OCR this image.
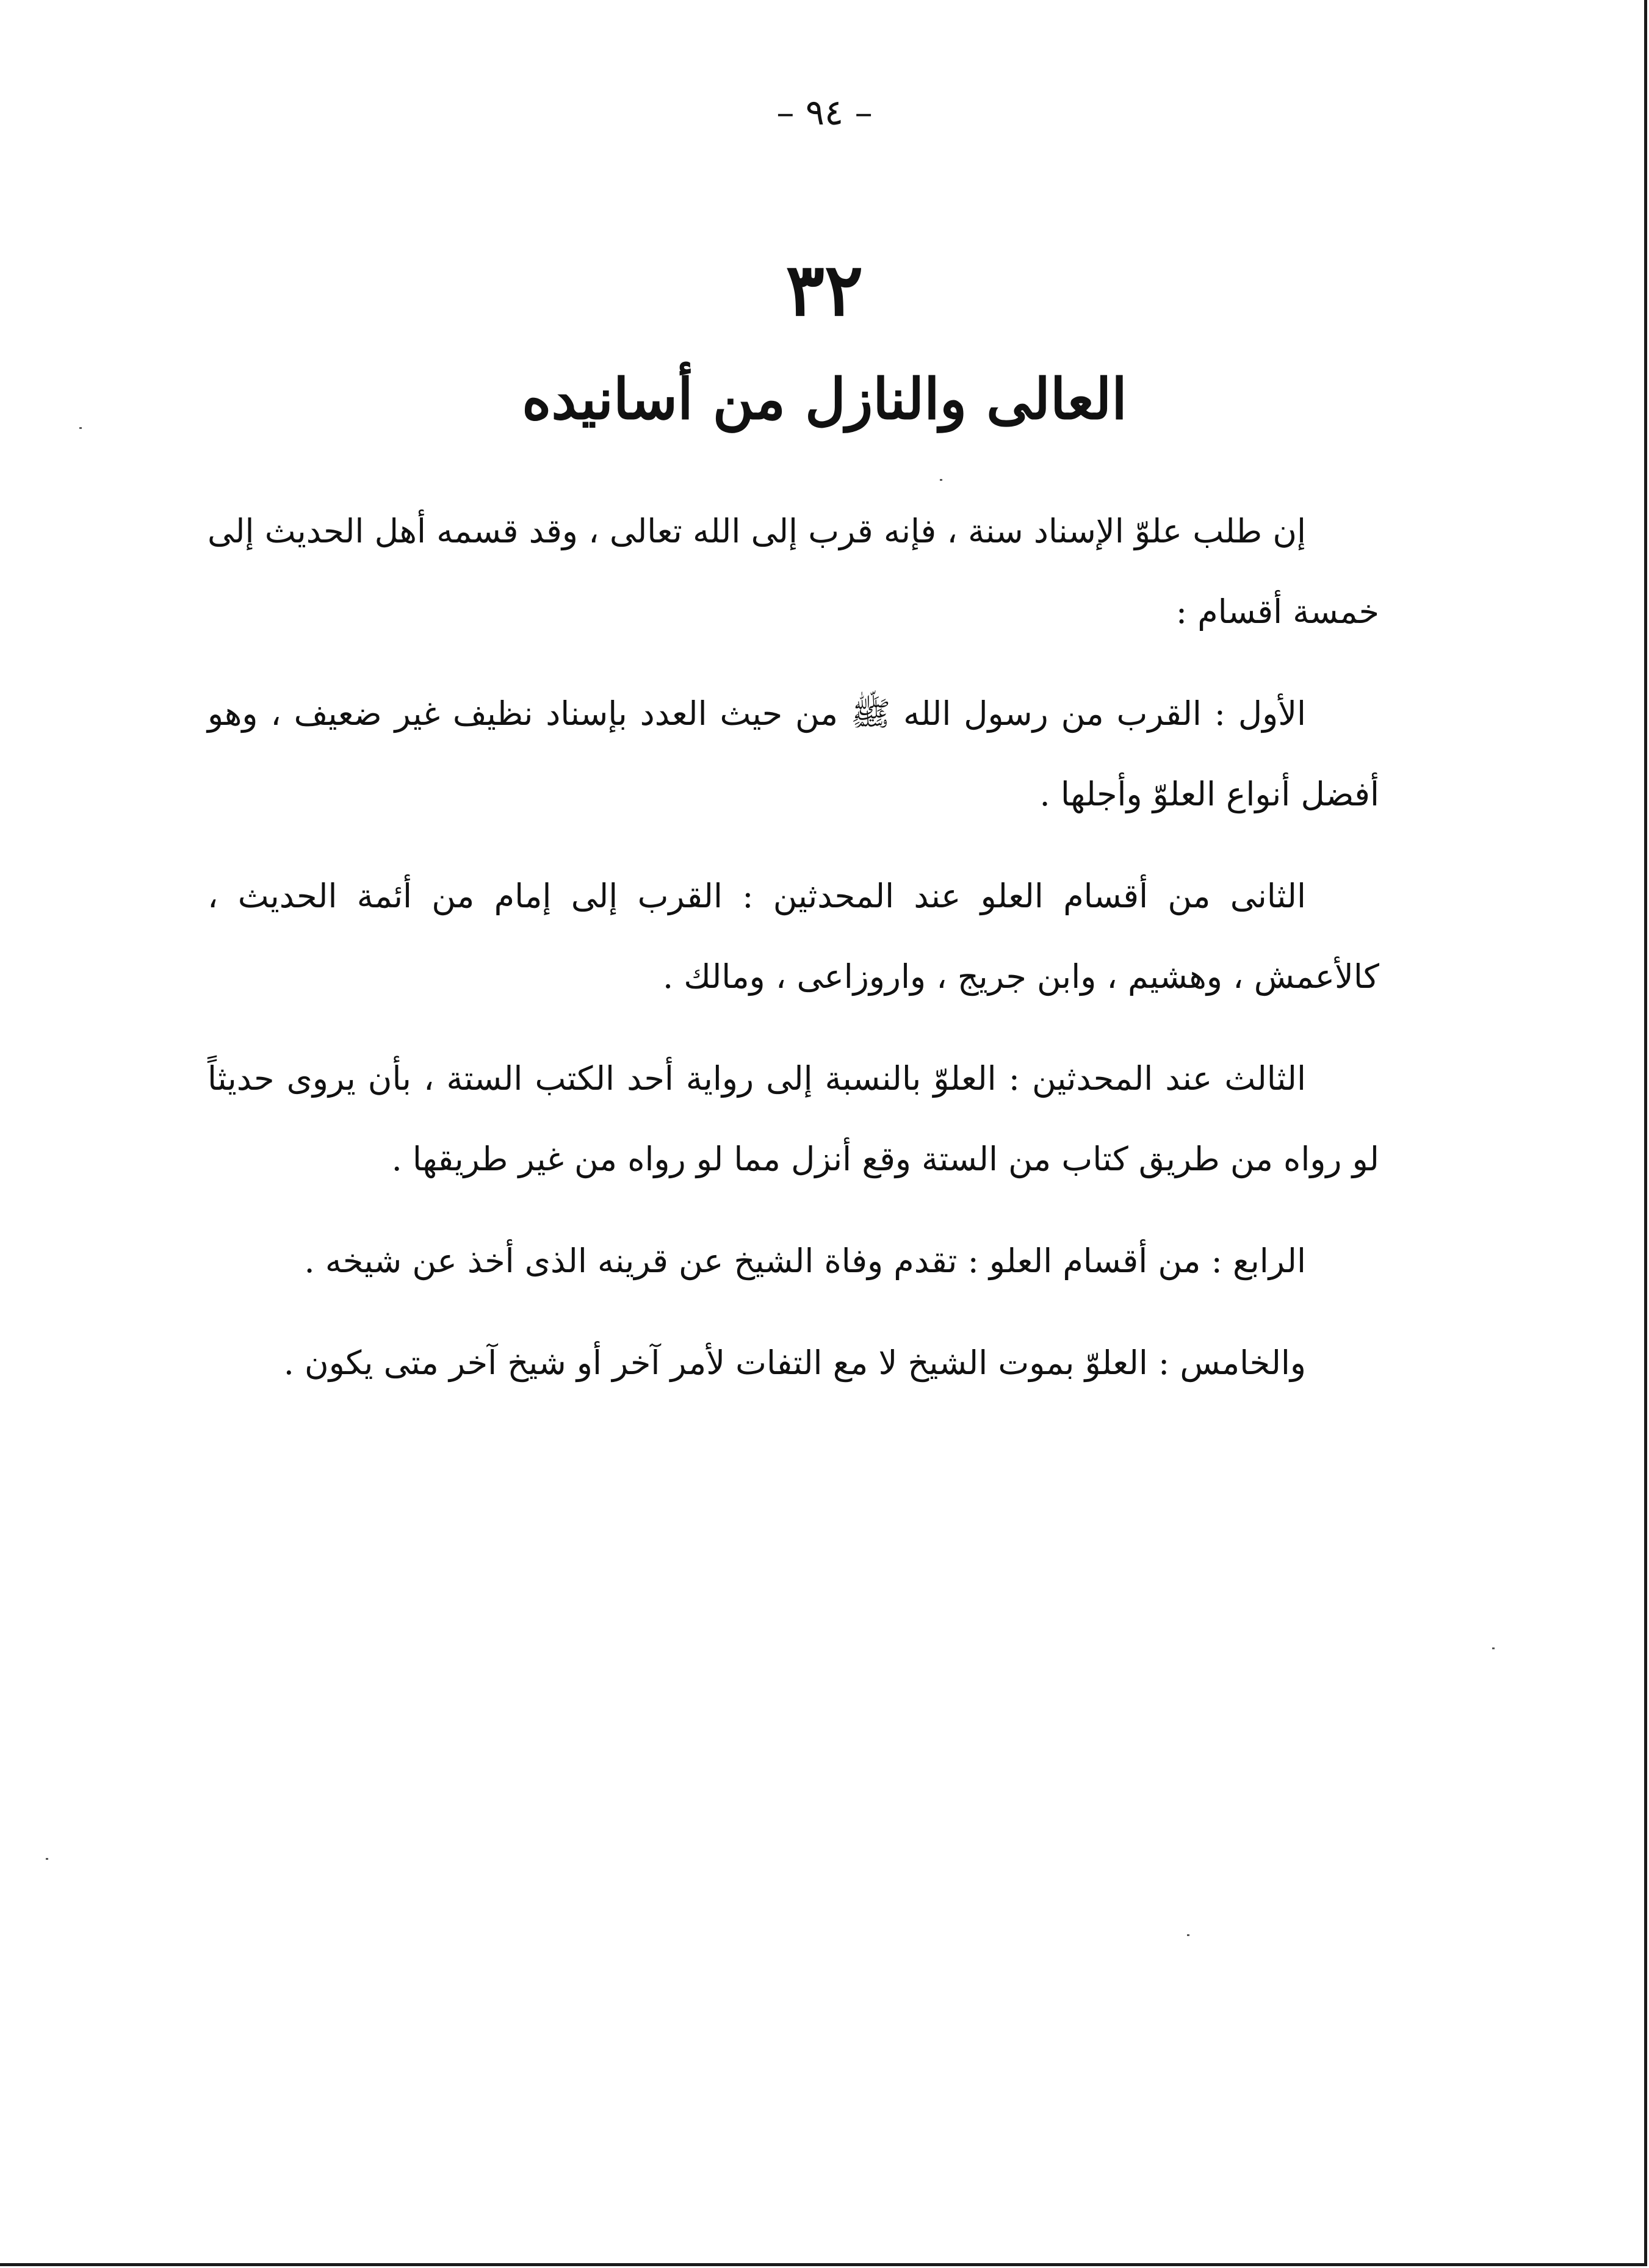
– ٩٤ –
٣٢
العالى والنازل من أسانيده

إن طلب علوّ الإسناد سنة ، فإنه قرب إلى الله تعالى ، وقد قسمه أهل الحديث إلى خمسة أقسام :

الأول : القرب من رسول الله ﷺ من حيث العدد بإسناد نظيف غير ضعيف ، وهو أفضل أنواع العلوّ وأجلها .

الثانى من أقسام العلو عند المحدثين : القرب إلى إمام من أئمة الحديث ، كالأعمش ، وهشيم ، وابن جريج ، واروزاعى ، ومالك .

الثالث عند المحدثين : العلوّ بالنسبة إلى رواية أحد الكتب الستة ، بأن يروى حديثاً لو رواه من طريق كتاب من الستة وقع أنزل مما لو رواه من غير طريقها .

الرابع : من أقسام العلو : تقدم وفاة الشيخ عن قرينه الذى أخذ عن شيخه .

والخامس : العلوّ بموت الشيخ لا مع التفات لأمر آخر أو شيخ آخر متى يكون .
